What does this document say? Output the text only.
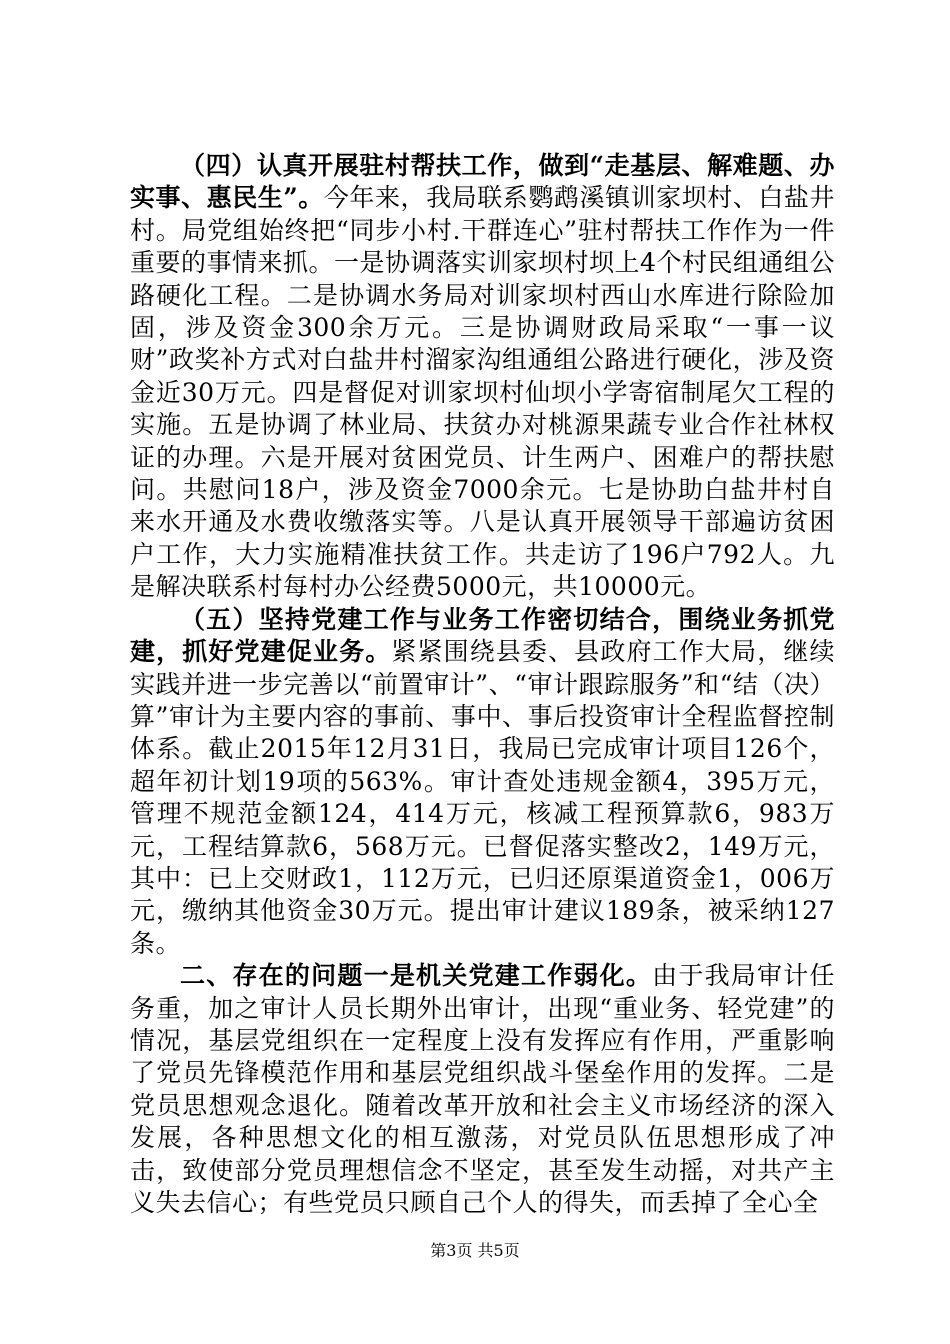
（四）认真开展驻村帮扶工作，做到“走基层、解难题、办实事、惠民生”。今年来，我局联系鹦鹉溪镇训家坝村、白盐井村。局党组始终把“同步小村.干群连心”驻村帮扶工作作为一件重要的事情来抓。一是协调落实训家坝村坝上4个村民组通组公路硬化工程。二是协调水务局对训家坝村西山水库进行除险加固，涉及资金300余万元。三是协调财政局采取“一事一议财”政奖补方式对白盐井村溜家沟组通组公路进行硬化，涉及资金近30万元。四是督促对训家坝村仙坝小学寄宿制尾欠工程的实施。五是协调了林业局、扶贫办对桃源果蔬专业合作社林权证的办理。六是开展对贫困党员、计生两户、困难户的帮扶慰问。共慰问18户，涉及资金7000余元。七是协助白盐井村自来水开通及水费收缴落实等。八是认真开展领导干部遍访贫困户工作，大力实施精准扶贫工作。共走访了196户792人。九是解决联系村每村办公经费5000元，共10000元。

（五）坚持党建工作与业务工作密切结合，围绕业务抓党建，抓好党建促业务。紧紧围绕县委、县政府工作大局，继续实践并进一步完善以“前置审计”、“审计跟踪服务”和“结（决）算”审计为主要内容的事前、事中、事后投资审计全程监督控制体系。截止2015年12月31日，我局已完成审计项目126个，超年初计划19项的563%。审计查处违规金额4，395万元，管理不规范金额124，414万元，核减工程预算款6，983万元，工程结算款6，568万元。已督促落实整改2，149万元，其中：已上交财政1，112万元，已归还原渠道资金1，006万元，缴纳其他资金30万元。提出审计建议189条，被采纳127条。

二、存在的问题一是机关党建工作弱化。由于我局审计任务重，加之审计人员长期外出审计，出现“重业务、轻党建”的情况，基层党组织在一定程度上没有发挥应有作用，严重影响了党员先锋模范作用和基层党组织战斗堡垒作用的发挥。二是党员思想观念退化。随着改革开放和社会主义市场经济的深入发展，各种思想文化的相互激荡，对党员队伍思想形成了冲击，致使部分党员理想信念不坚定，甚至发生动摇，对共产主义失去信心；有些党员只顾自己个人的得失，而丢掉了全心全

第3页 共5页
